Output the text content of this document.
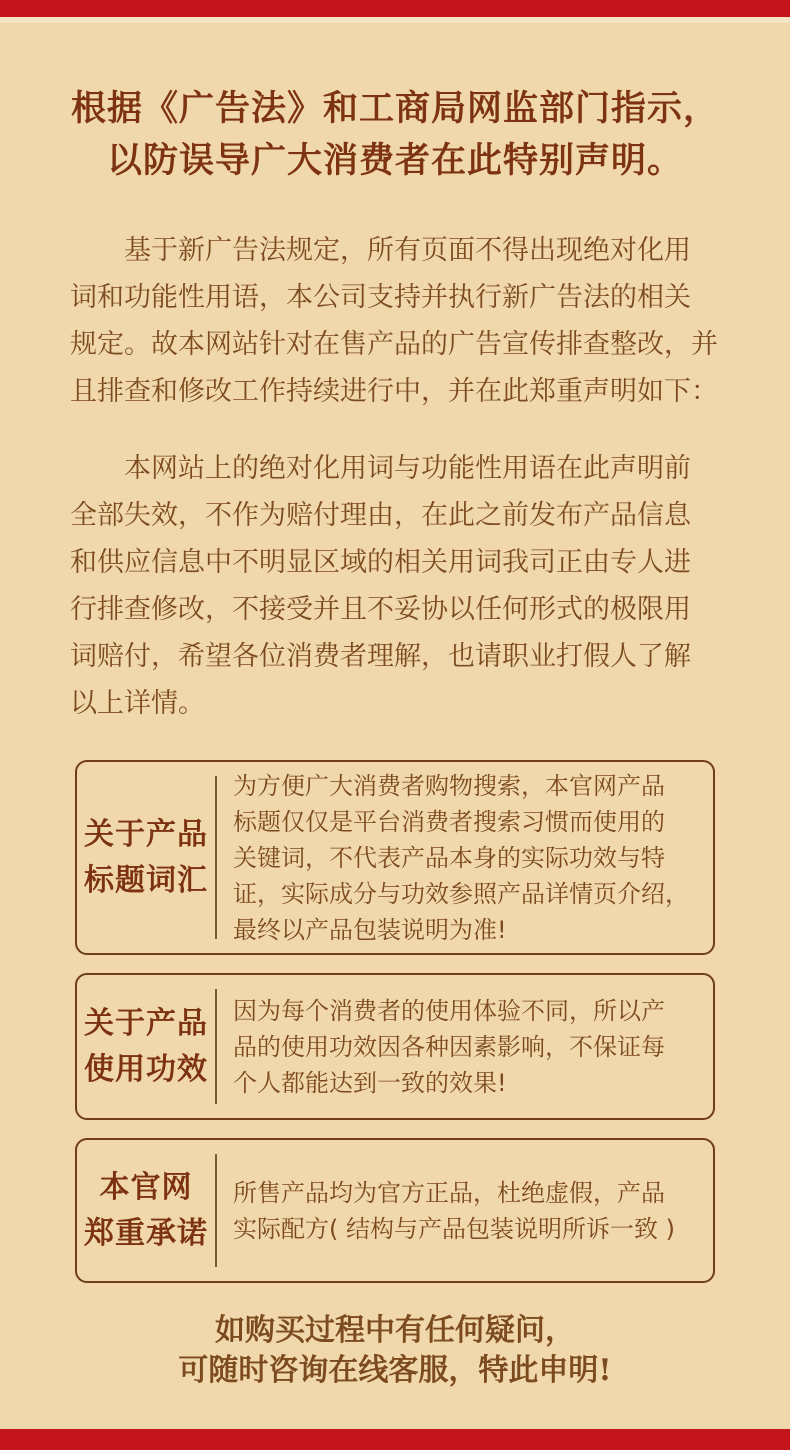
根据《广告法》和工商局网监部门指示，
以防误导广大消费者在此特别声明。
基于新广告法规定，所有页面不得出现绝对化用
词和功能性用语，本公司支持并执行新广告法的相关
规定。故本网站针对在售产品的广告宣传排查整改，并
且排查和修改工作持续进行中，并在此郑重声明如下：
本网站上的绝对化用词与功能性用语在此声明前
全部失效，不作为赔付理由，在此之前发布产品信息
和供应信息中不明显区域的相关用词我司正由专人进
行排查修改，不接受并且不妥协以任何形式的极限用
词赔付，希望各位消费者理解，也请职业打假人了解
以上详情。
关于产品
标题词汇
为方便广大消费者购物搜索，本官网产品
标题仅仅是平台消费者搜索习惯而使用的
关键词，不代表产品本身的实际功效与特
证，实际成分与功效参照产品详情页介绍，
最终以产品包装说明为准!
关于产品
使用功效
因为每个消费者的使用体验不同，所以产
品的使用功效因各种因素影响，不保证每
个人都能达到一致的效果!
本官网
郑重承诺
所售产品均为官方正品，杜绝虚假，产品
实际配方( 结构与产品包装说明所诉一致 )
如购买过程中有任何疑问，
可随时咨询在线客服，特此申明!
